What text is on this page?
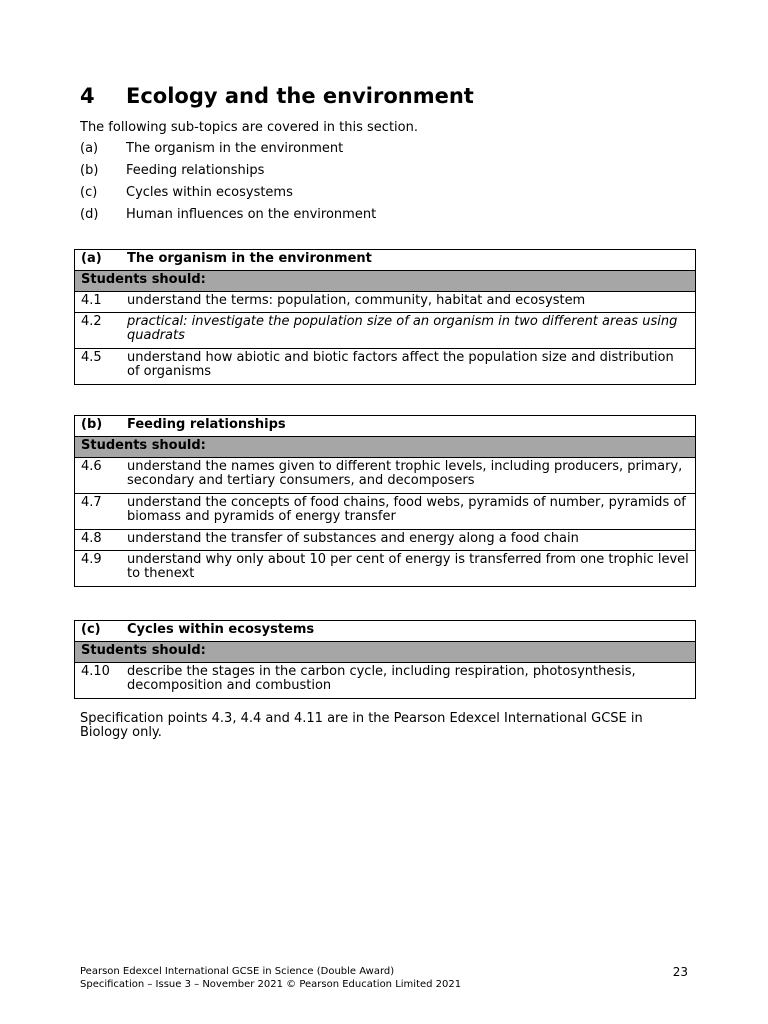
4 Ecology and the environment
The following sub-topics are covered in this section.
(a) The organism in the environment
(b) Feeding relationships
(c) Cycles within ecosystems
(d) Human influences on the environment
(a)	The organism in the environment
Students should:	
4.1	understand the terms: population, community, habitat and ecosystem
4.2	practical: investigate the population size of an organism in two different areas using quadrats
4.5	understand how abiotic and biotic factors affect the population size and distribution of organisms
(b)	Feeding relationships
Students should:	
4.6	understand the names given to different trophic levels, including producers, primary, secondary and tertiary consumers, and decomposers
4.7	understand the concepts of food chains, food webs, pyramids of number, pyramids of biomass and pyramids of energy transfer
4.8	understand the transfer of substances and energy along a food chain
4.9	understand why only about 10 per cent of energy is transferred from one trophic level to thenext
(c)	Cycles within ecosystems
Students should:	
4.10	describe the stages in the carbon cycle, including respiration, photosynthesis, decomposition and combustion
Specification points 4.3, 4.4 and 4.11 are in the Pearson Edexcel International GCSE in Biology only.
Pearson Edexcel International GCSE in Science (Double Award)
Specification – Issue 3 – November 2021 © Pearson Education Limited 2021
23
